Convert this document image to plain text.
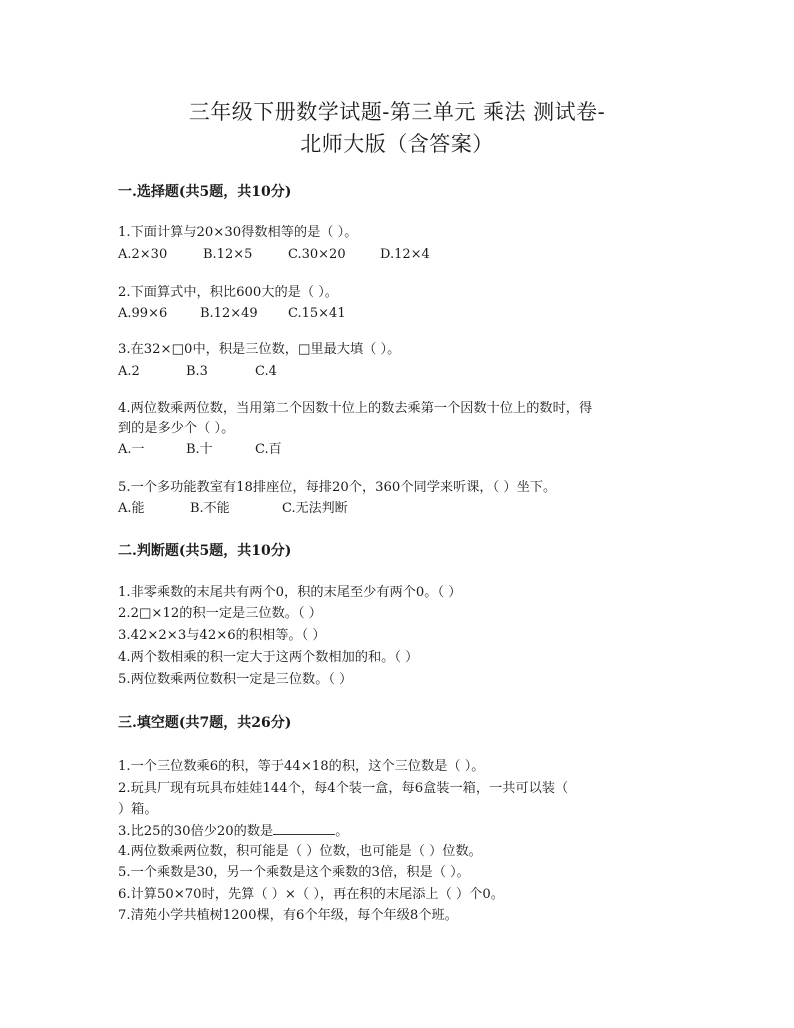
三年级下册数学试题-第三单元 乘法 测试卷-
北师大版（含答案）
一.选择题(共5题，共10分)
1.下面计算与20×30得数相等的是（ ）。
A.2×30	B.12×5	C.30×20	D.12×4
2.下面算式中，积比600大的是（ ）。
A.99×6	B.12×49 C.15×41
3.在32×□0中，积是三位数，□里最大填（ ）。
A.2	B.3	C.4
4.两位数乘两位数，当用第二个因数十位上的数去乘第一个因数十位上的数时，得
到的是多少个（ ）。
A.一	B.十	C.百
5.一个多功能教室有18排座位，每排20个，360个同学来听课，（ ）坐下。
A.能	B.不能	C.无法判断
二.判断题(共5题，共10分)
1.非零乘数的末尾共有两个0，积的末尾至少有两个0。（ ）
2.2□×12的积一定是三位数。（ ）
3.42×2×3与42×6的积相等。（ ）
4.两个数相乘的积一定大于这两个数相加的和。（ ）
5.两位数乘两位数积一定是三位数。（ ）
三.填空题(共7题，共26分)
1.一个三位数乘6的积，等于44×18的积，这个三位数是（ ）。
2.玩具厂现有玩具布娃娃144个，每4个装一盒，每6盒装一箱，一共可以装（
）箱。
3.比25的30倍少20的数是	。
4.两位数乘两位数，积可能是（ ）位数，也可能是（ ）位数。
5.一个乘数是30，另一个乘数是这个乘数的3倍，积是（ ）。
6.计算50×70时，先算（ ）×（ ），再在积的末尾添上（ ）个0。
7.清苑小学共植树1200棵，有6个年级，每个年级8个班。
